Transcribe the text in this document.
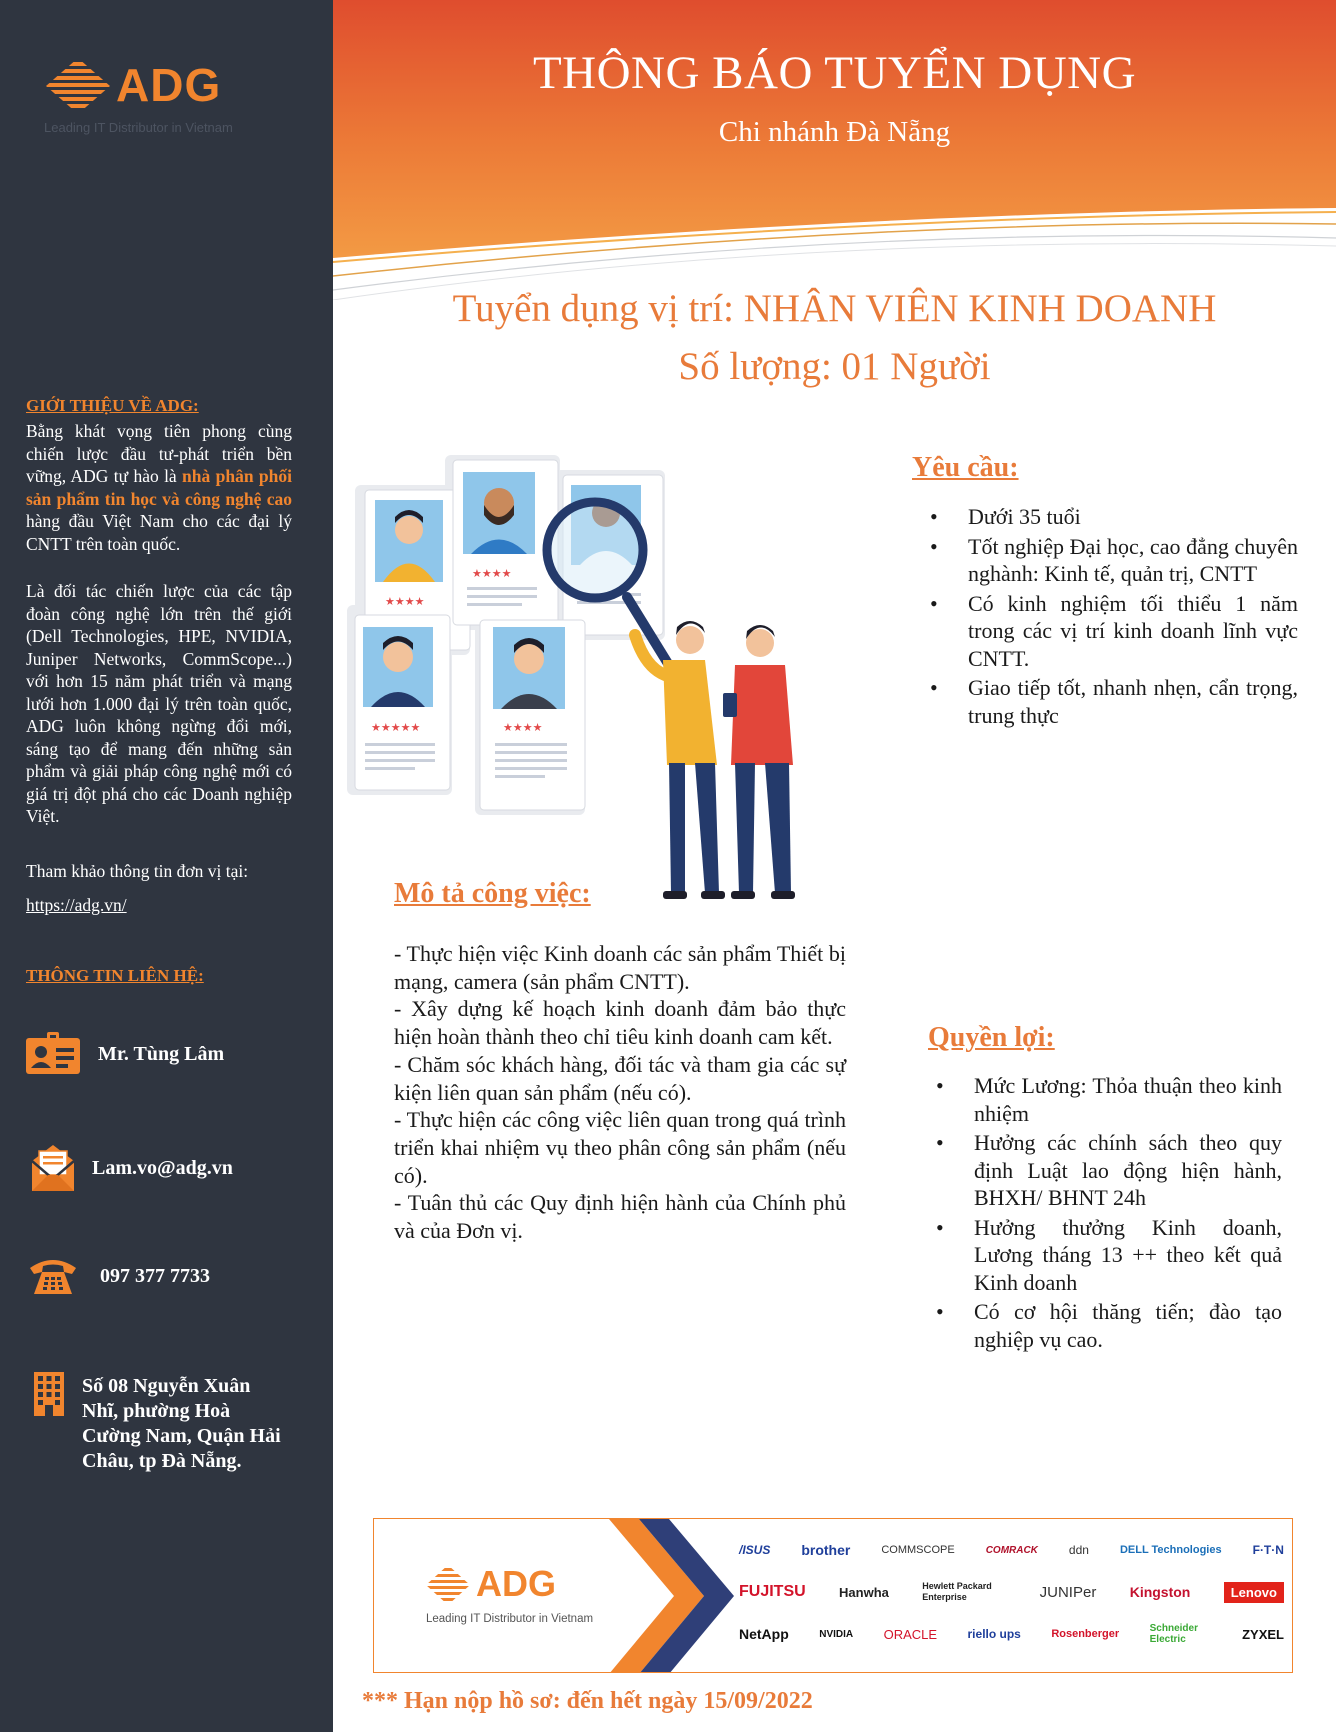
ADG
Leading IT Distributor in Vietnam
GIỚI THIỆU VỀ ADG:
Bằng khát vọng tiên phong cùng chiến lược đầu tư-phát triển bền vững, ADG tự hào là nhà phân phối sản phẩm tin học và công nghệ cao hàng đầu Việt Nam cho các đại lý CNTT trên toàn quốc.
Là đối tác chiến lược của các tập đoàn công nghệ lớn trên thế giới (Dell Technologies, HPE, NVIDIA, Juniper Networks, CommScope...) với hơn 15 năm phát triển và mạng lưới hơn 1.000 đại lý trên toàn quốc, ADG luôn không ngừng đổi mới, sáng tạo để mang đến những sản phẩm và giải pháp công nghệ mới có giá trị đột phá cho các Doanh nghiệp Việt.
Tham khảo thông tin đơn vị tại:
https://adg.vn/
THÔNG TIN LIÊN HỆ:
Mr. Tùng Lâm
Lam.vo@adg.vn
097 377 7733
Số 08 Nguyễn Xuân Nhĩ, phường Hoà Cường Nam, Quận Hải Châu, tp Đà Nẵng.
THÔNG BÁO TUYỂN DỤNG
Chi nhánh Đà Nẵng
Tuyển dụng vị trí: NHÂN VIÊN KINH DOANH
Số lượng: 01 Người
★★★★
★★★★
★★★★★	★★★★
Yêu cầu:
• Dưới 35 tuổi
• Tốt nghiệp Đại học, cao đẳng chuyên nghành: Kinh tế, quản trị, CNTT
• Có kinh nghiệm tối thiểu 1 năm trong các vị trí kinh doanh lĩnh vực CNTT.
• Giao tiếp tốt, nhanh nhẹn, cẩn trọng, trung thực
Mô tả công việc:

- Thực hiện việc Kinh doanh các sản phẩm Thiết bị mạng, camera (sản phẩm CNTT).

- Xây dựng kế hoạch kinh doanh đảm bảo thực hiện hoàn thành theo chỉ tiêu kinh doanh cam kết.

- Chăm sóc khách hàng, đối tác và tham gia các sự kiện liên quan sản phẩm (nếu có).

- Thực hiện các công việc liên quan trong quá trình triển khai nhiệm vụ theo phân công sản phẩm (nếu có).

- Tuân thủ các Quy định hiện hành của Chính phủ và của Đơn vị.

Quyền lợi:
• Mức Lương: Thỏa thuận theo kinh nhiệm
• Hưởng các chính sách theo quy định Luật lao động hiện hành, BHXH/ BHNT 24h
• Hưởng thưởng Kinh doanh, Lương tháng 13 ++ theo kết quả Kinh doanh
• Có cơ hội thăng tiến; đào tạo nghiệp vụ cao.
ADG
Leading IT Distributor in Vietnam
/ISUS brother	COMMSCOPE	COMRACK	ddn	DELL Technologies	F·T·N
FUJITSU	Hanwha	Hewlett Packard Enterprise	JUNIPer Kingston	Lenovo
NetApp	NVIDIA ORACLE	riello ups	Rosenberger	Schneider Electric	ZYXEL
*** Hạn nộp hồ sơ: đến hết ngày 15/09/2022
